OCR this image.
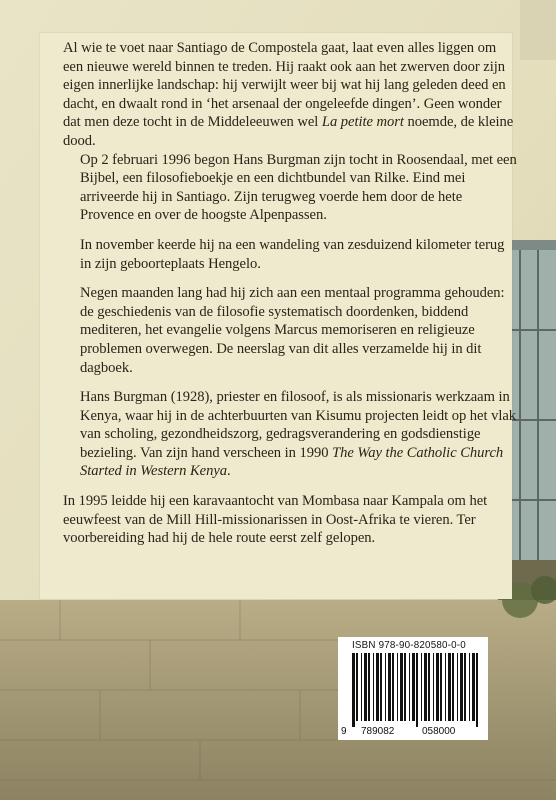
Al wie te voet naar Santiago de Compostela gaat, laat even alles liggen om een nieuwe wereld binnen te treden. Hij raakt ook aan het zwerven door zijn eigen innerlijke landschap: hij verwijlt weer bij wat hij lang geleden deed en dacht, en dwaalt rond in ‘het arsenaal der ongeleefde dingen’. Geen wonder dat men deze tocht in de Middeleeuwen wel La petite mort noemde, de kleine dood.

Op 2 februari 1996 begon Hans Burgman zijn tocht in Roosendaal, met een Bijbel, een filosofieboekje en een dichtbundel van Rilke. Eind mei arriveerde hij in Santiago. Zijn terugweg voerde hem door de hete Provence en over de hoogste Alpenpassen.

In november keerde hij na een wandeling van zesduizend kilometer terug in zijn geboorteplaats Hengelo.

Negen maanden lang had hij zich aan een mentaal programma gehouden: de geschiedenis van de filosofie systematisch doordenken, biddend mediteren, het evangelie volgens Marcus memoriseren en religieuze problemen overwegen. De neerslag van dit alles verzamelde hij in dit dagboek.

Hans Burgman (1928), priester en filosoof, is als missionaris werkzaam in Kenya, waar hij in de achterbuurten van Kisumu projecten leidt op het vlak van scholing, gezondheidszorg, gedragsverandering en godsdienstige bezieling. Van zijn hand verscheen in 1990 The Way the Catholic Church Started in Western Kenya.

In 1995 leidde hij een karavaantocht van Mombasa naar Kampala om het eeuwfeest van de Mill Hill-missionarissen in Oost-Afrika te vieren. Ter voorbereiding had hij de hele route eerst zelf gelopen.

ISBN 978-90-820580-0-0
9 789082	058000
